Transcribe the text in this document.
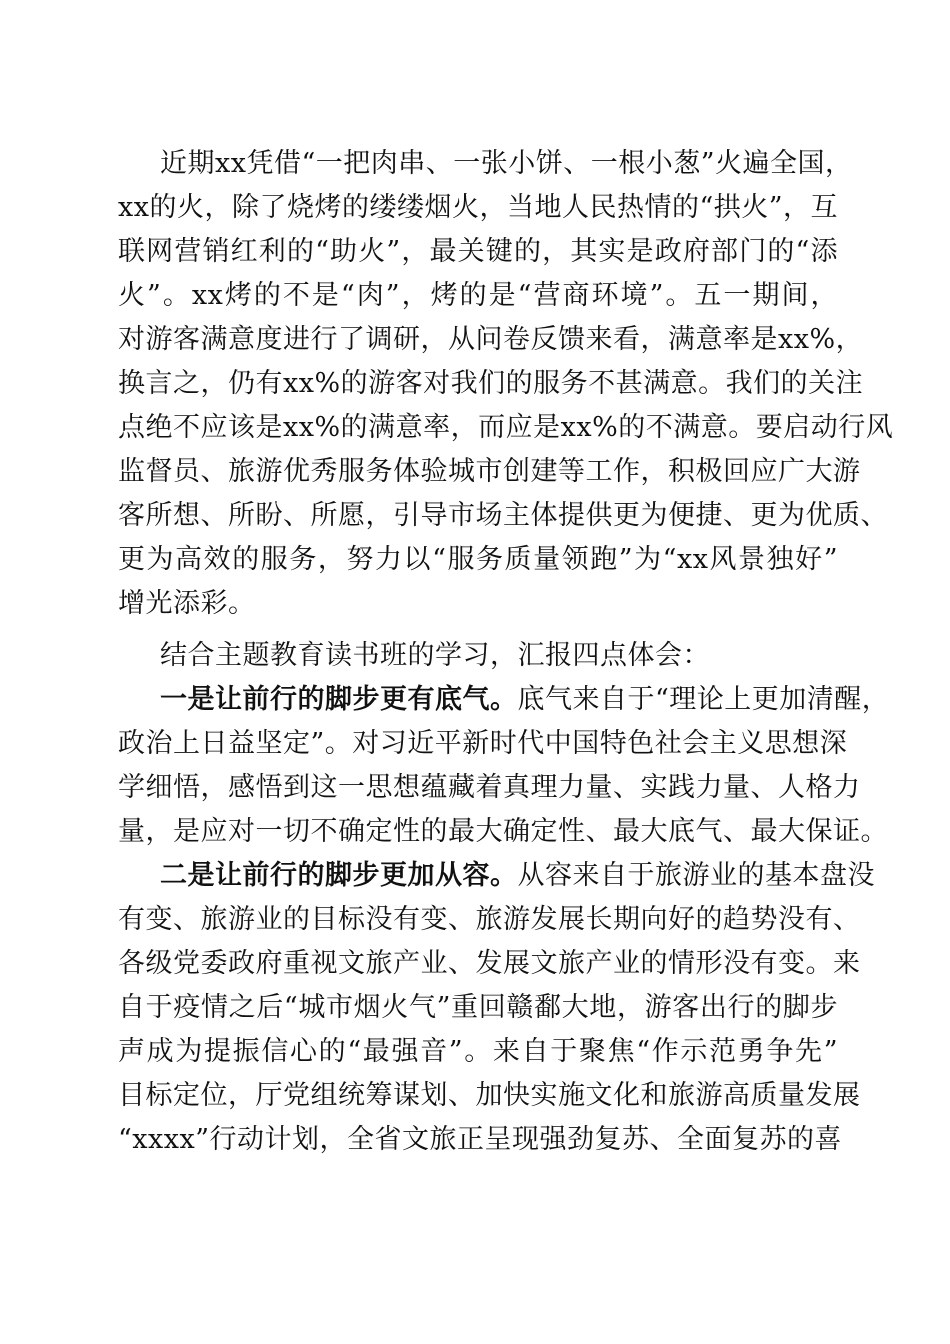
近期xx凭借“一把肉串、一张小饼、一根小葱”火遍全国，
xx的火，除了烧烤的缕缕烟火，当地人民热情的“拱火”，互
联网营销红利的“助火”，最关键的，其实是政府部门的“添
火”。xx烤的不是“肉”，烤的是“营商环境”。五一期间，
对游客满意度进行了调研，从问卷反馈来看，满意率是xx%，
换言之，仍有xx%的游客对我们的服务不甚满意。我们的关注
点绝不应该是xx%的满意率，而应是xx%的不满意。要启动行风
监督员、旅游优秀服务体验城市创建等工作，积极回应广大游
客所想、所盼、所愿，引导市场主体提供更为便捷、更为优质、
更为高效的服务，努力以“服务质量领跑”为“xx风景独好”
增光添彩。
结合主题教育读书班的学习，汇报四点体会：
一是让前行的脚步更有底气。底气来自于“理论上更加清醒，
政治上日益坚定”。对习近平新时代中国特色社会主义思想深
学细悟，感悟到这一思想蕴藏着真理力量、实践力量、人格力
量，是应对一切不确定性的最大确定性、最大底气、最大保证。
二是让前行的脚步更加从容。从容来自于旅游业的基本盘没
有变、旅游业的目标没有变、旅游发展长期向好的趋势没有、
各级党委政府重视文旅产业、发展文旅产业的情形没有变。来
自于疫情之后“城市烟火气”重回赣鄱大地，游客出行的脚步
声成为提振信心的“最强音”。来自于聚焦“作示范勇争先”
目标定位，厅党组统筹谋划、加快实施文化和旅游高质量发展
“xxxx”行动计划，全省文旅正呈现强劲复苏、全面复苏的喜
